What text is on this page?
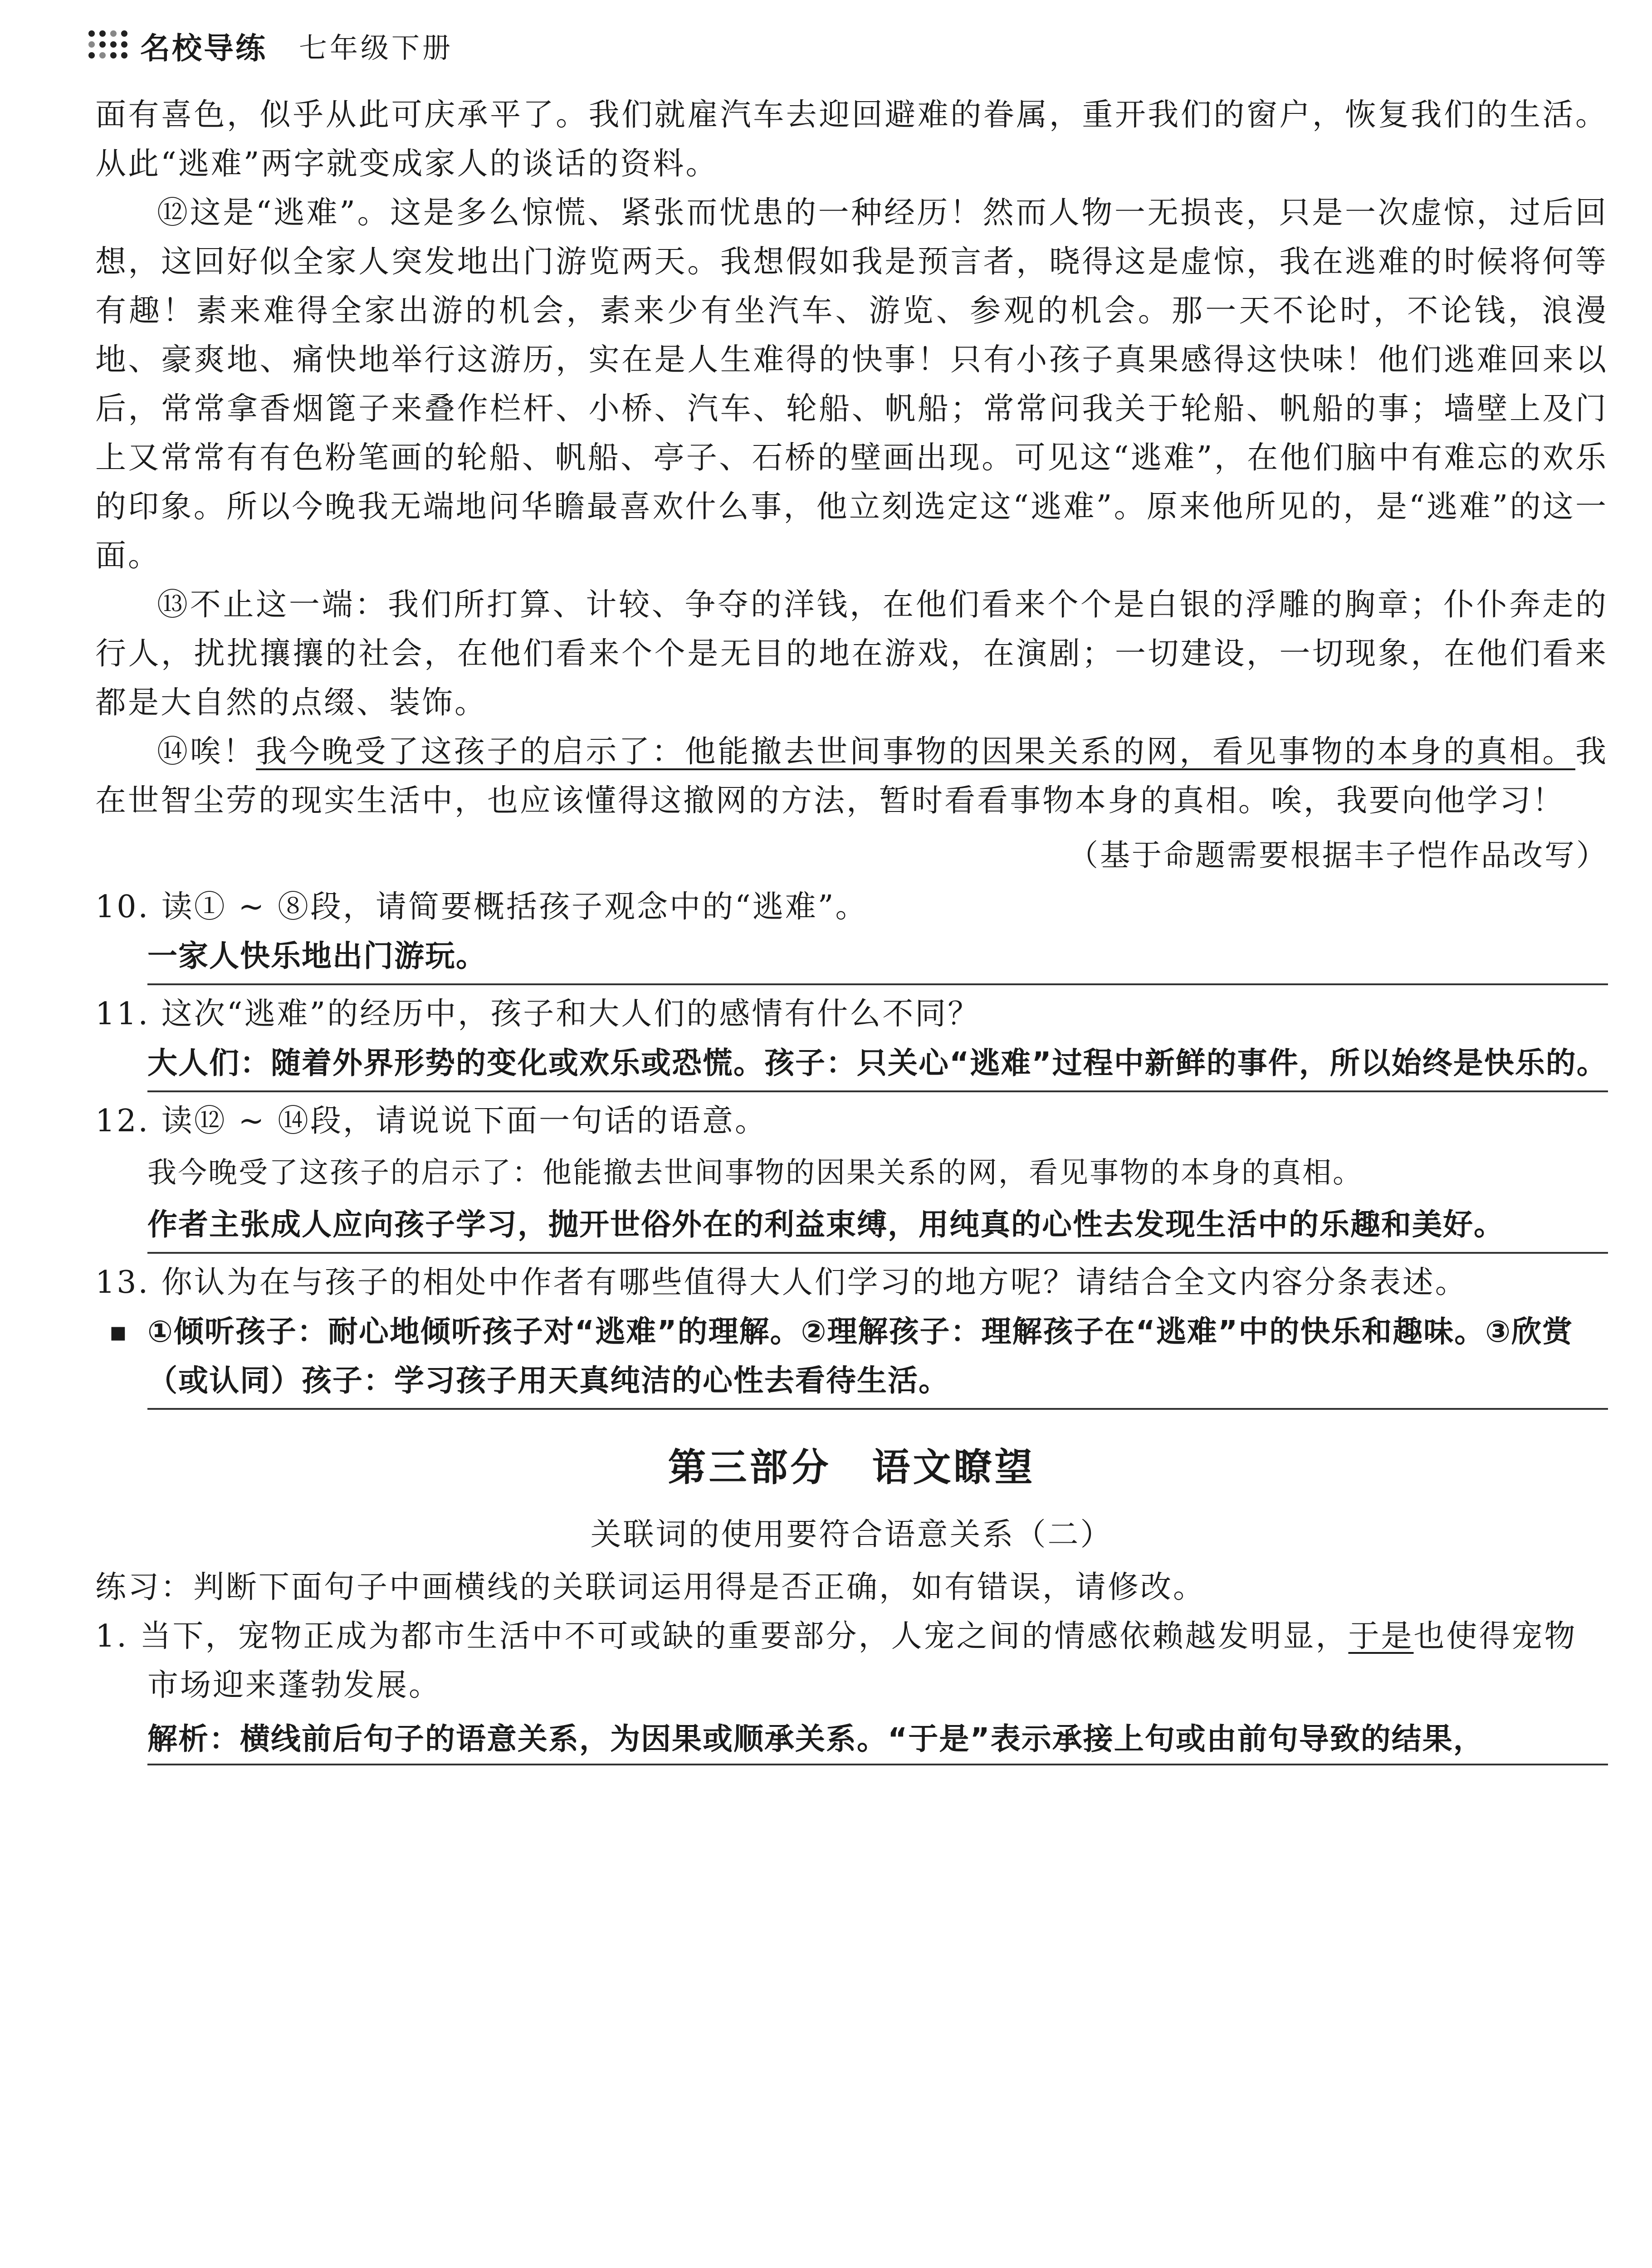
名校导练 七年级下册

面有喜色，似乎从此可庆承平了。我们就雇汽车去迎回避难的眷属，重开我们的窗户，恢复我们的生活。从此“逃难”两字就变成家人的谈话的资料。

⑫这是“逃难”。这是多么惊慌、紧张而忧患的一种经历！然而人物一无损丧，只是一次虚惊，过后回想，这回好似全家人突发地出门游览两天。我想假如我是预言者，晓得这是虚惊，我在逃难的时候将何等有趣！素来难得全家出游的机会，素来少有坐汽车、游览、参观的机会。那一天不论时，不论钱，浪漫地、豪爽地、痛快地举行这游历，实在是人生难得的快事！只有小孩子真果感得这快味！他们逃难回来以后，常常拿香烟篦子来叠作栏杆、小桥、汽车、轮船、帆船；常常问我关于轮船、帆船的事；墙壁上及门上又常常有有色粉笔画的轮船、帆船、亭子、石桥的壁画出现。可见这“逃难”，在他们脑中有难忘的欢乐的印象。所以今晚我无端地问华瞻最喜欢什么事，他立刻选定这“逃难”。原来他所见的，是“逃难”的这一面。

⑬不止这一端：我们所打算、计较、争夺的洋钱，在他们看来个个是白银的浮雕的胸章；仆仆奔走的行人，扰扰攘攘的社会，在他们看来个个是无目的地在游戏，在演剧；一切建设，一切现象，在他们看来都是大自然的点缀、装饰。

⑭唉！我今晚受了这孩子的启示了：他能撤去世间事物的因果关系的网，看见事物的本身的真相。我在世智尘劳的现实生活中，也应该懂得这撤网的方法，暂时看看事物本身的真相。唉，我要向他学习！

（基于命题需要根据丰子恺作品改写）

10. 读① ~ ⑧段，请简要概括孩子观念中的“逃难”。

一家人快乐地出门游玩。

11. 这次“逃难”的经历中，孩子和大人们的感情有什么不同？

大人们：随着外界形势的变化或欢乐或恐慌。孩子：只关心“逃难”过程中新鲜的事件，所以始终是快乐的。

12. 读⑫ ~ ⑭段，请说说下面一句话的语意。

我今晚受了这孩子的启示了：他能撤去世间事物的因果关系的网，看见事物的本身的真相。

作者主张成人应向孩子学习，抛开世俗外在的利益束缚，用纯真的心性去发现生活中的乐趣和美好。

13. 你认为在与孩子的相处中作者有哪些值得大人们学习的地方呢？请结合全文内容分条表述。

▪ ①倾听孩子：耐心地倾听孩子对“逃难”的理解。②理解孩子：理解孩子在“逃难”中的快乐和趣味。③欣赏（或认同）孩子：学习孩子用天真纯洁的心性去看待生活。

第三部分　语文瞭望
关联词的使用要符合语意关系（二）

练习：判断下面句子中画横线的关联词运用得是否正确，如有错误，请修改。

1. 当下，宠物正成为都市生活中不可或缺的重要部分，人宠之间的情感依赖越发明显，于是也使得宠物市场迎来蓬勃发展。

解析：横线前后句子的语意关系，为因果或顺承关系。“于是”表示承接上句或由前句导致的结果，
